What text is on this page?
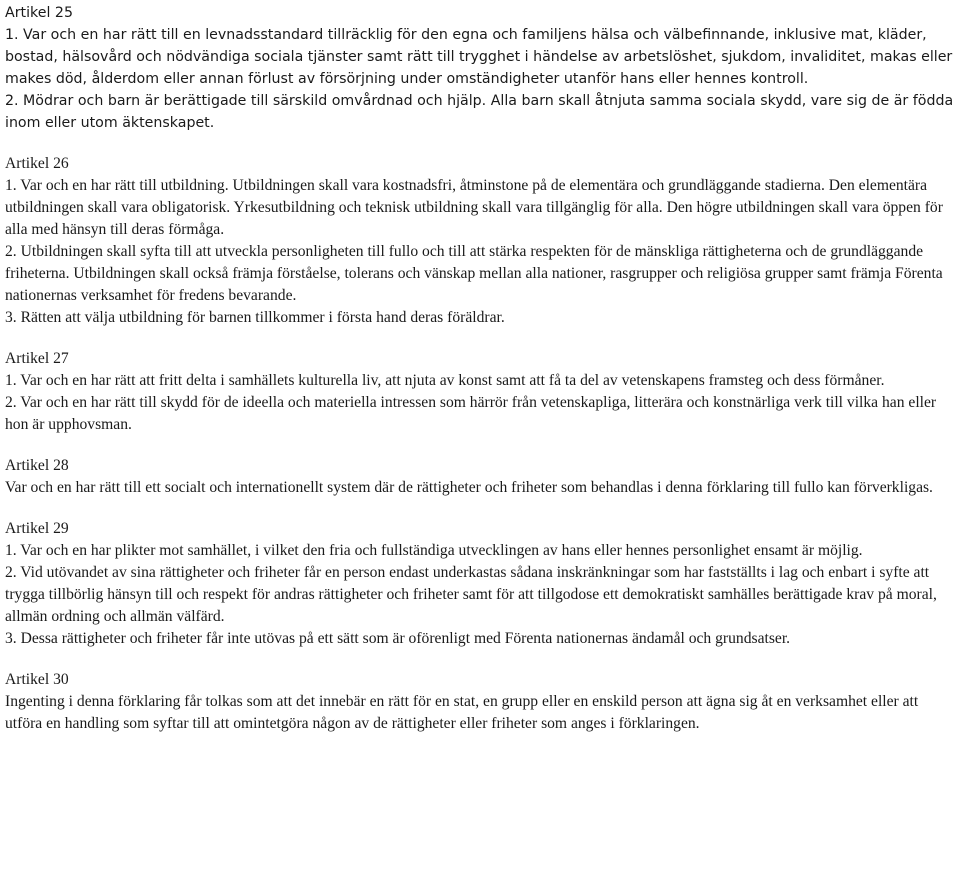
Artikel 25

1. Var och en har rätt till en levnadsstandard tillräcklig för den egna och familjens hälsa och välbefinnande, inklusive mat, kläder, bostad, hälsovård och nödvändiga sociala tjänster samt rätt till trygghet i händelse av arbetslöshet, sjukdom, invaliditet, makas eller makes död, ålderdom eller annan förlust av försörjning under omständigheter utanför hans eller hennes kontroll.

2. Mödrar och barn är berättigade till särskild omvårdnad och hjälp. Alla barn skall åtnjuta samma sociala skydd, vare sig de är födda inom eller utom äktenskapet.

Artikel 26

1. Var och en har rätt till utbildning. Utbildningen skall vara kostnadsfri, åtminstone på de elementära och grundläggande stadierna. Den elementära utbildningen skall vara obligatorisk. Yrkesutbildning och teknisk utbildning skall vara tillgänglig för alla. Den högre utbildningen skall vara öppen för alla med hänsyn till deras förmåga.

2. Utbildningen skall syfta till att utveckla personligheten till fullo och till att stärka respekten för de mänskliga rättigheterna och de grundläggande friheterna. Utbildningen skall också främja förståelse, tolerans och vänskap mellan alla nationer, rasgrupper och religiösa grupper samt främja Förenta nationernas verksamhet för fredens bevarande.

3. Rätten att välja utbildning för barnen tillkommer i första hand deras föräldrar.

Artikel 27

1. Var och en har rätt att fritt delta i samhällets kulturella liv, att njuta av konst samt att få ta del av vetenskapens framsteg och dess förmåner.

2. Var och en har rätt till skydd för de ideella och materiella intressen som härrör från vetenskapliga, litterära och konstnärliga verk till vilka han eller hon är upphovsman.

Artikel 28

Var och en har rätt till ett socialt och internationellt system där de rättigheter och friheter som behandlas i denna förklaring till fullo kan förverkligas.

Artikel 29

1. Var och en har plikter mot samhället, i vilket den fria och fullständiga utvecklingen av hans eller hennes personlighet ensamt är möjlig.

2. Vid utövandet av sina rättigheter och friheter får en person endast underkastas sådana inskränkningar som har fastställts i lag och enbart i syfte att trygga tillbörlig hänsyn till och respekt för andras rättigheter och friheter samt för att tillgodose ett demokratiskt samhälles berättigade krav på moral, allmän ordning och allmän välfärd.

3. Dessa rättigheter och friheter får inte utövas på ett sätt som är oförenligt med Förenta nationernas ändamål och grundsatser.

Artikel 30

Ingenting i denna förklaring får tolkas som att det innebär en rätt för en stat, en grupp eller en enskild person att ägna sig åt en verksamhet eller att utföra en handling som syftar till att omintetgöra någon av de rättigheter eller friheter som anges i förklaringen.
